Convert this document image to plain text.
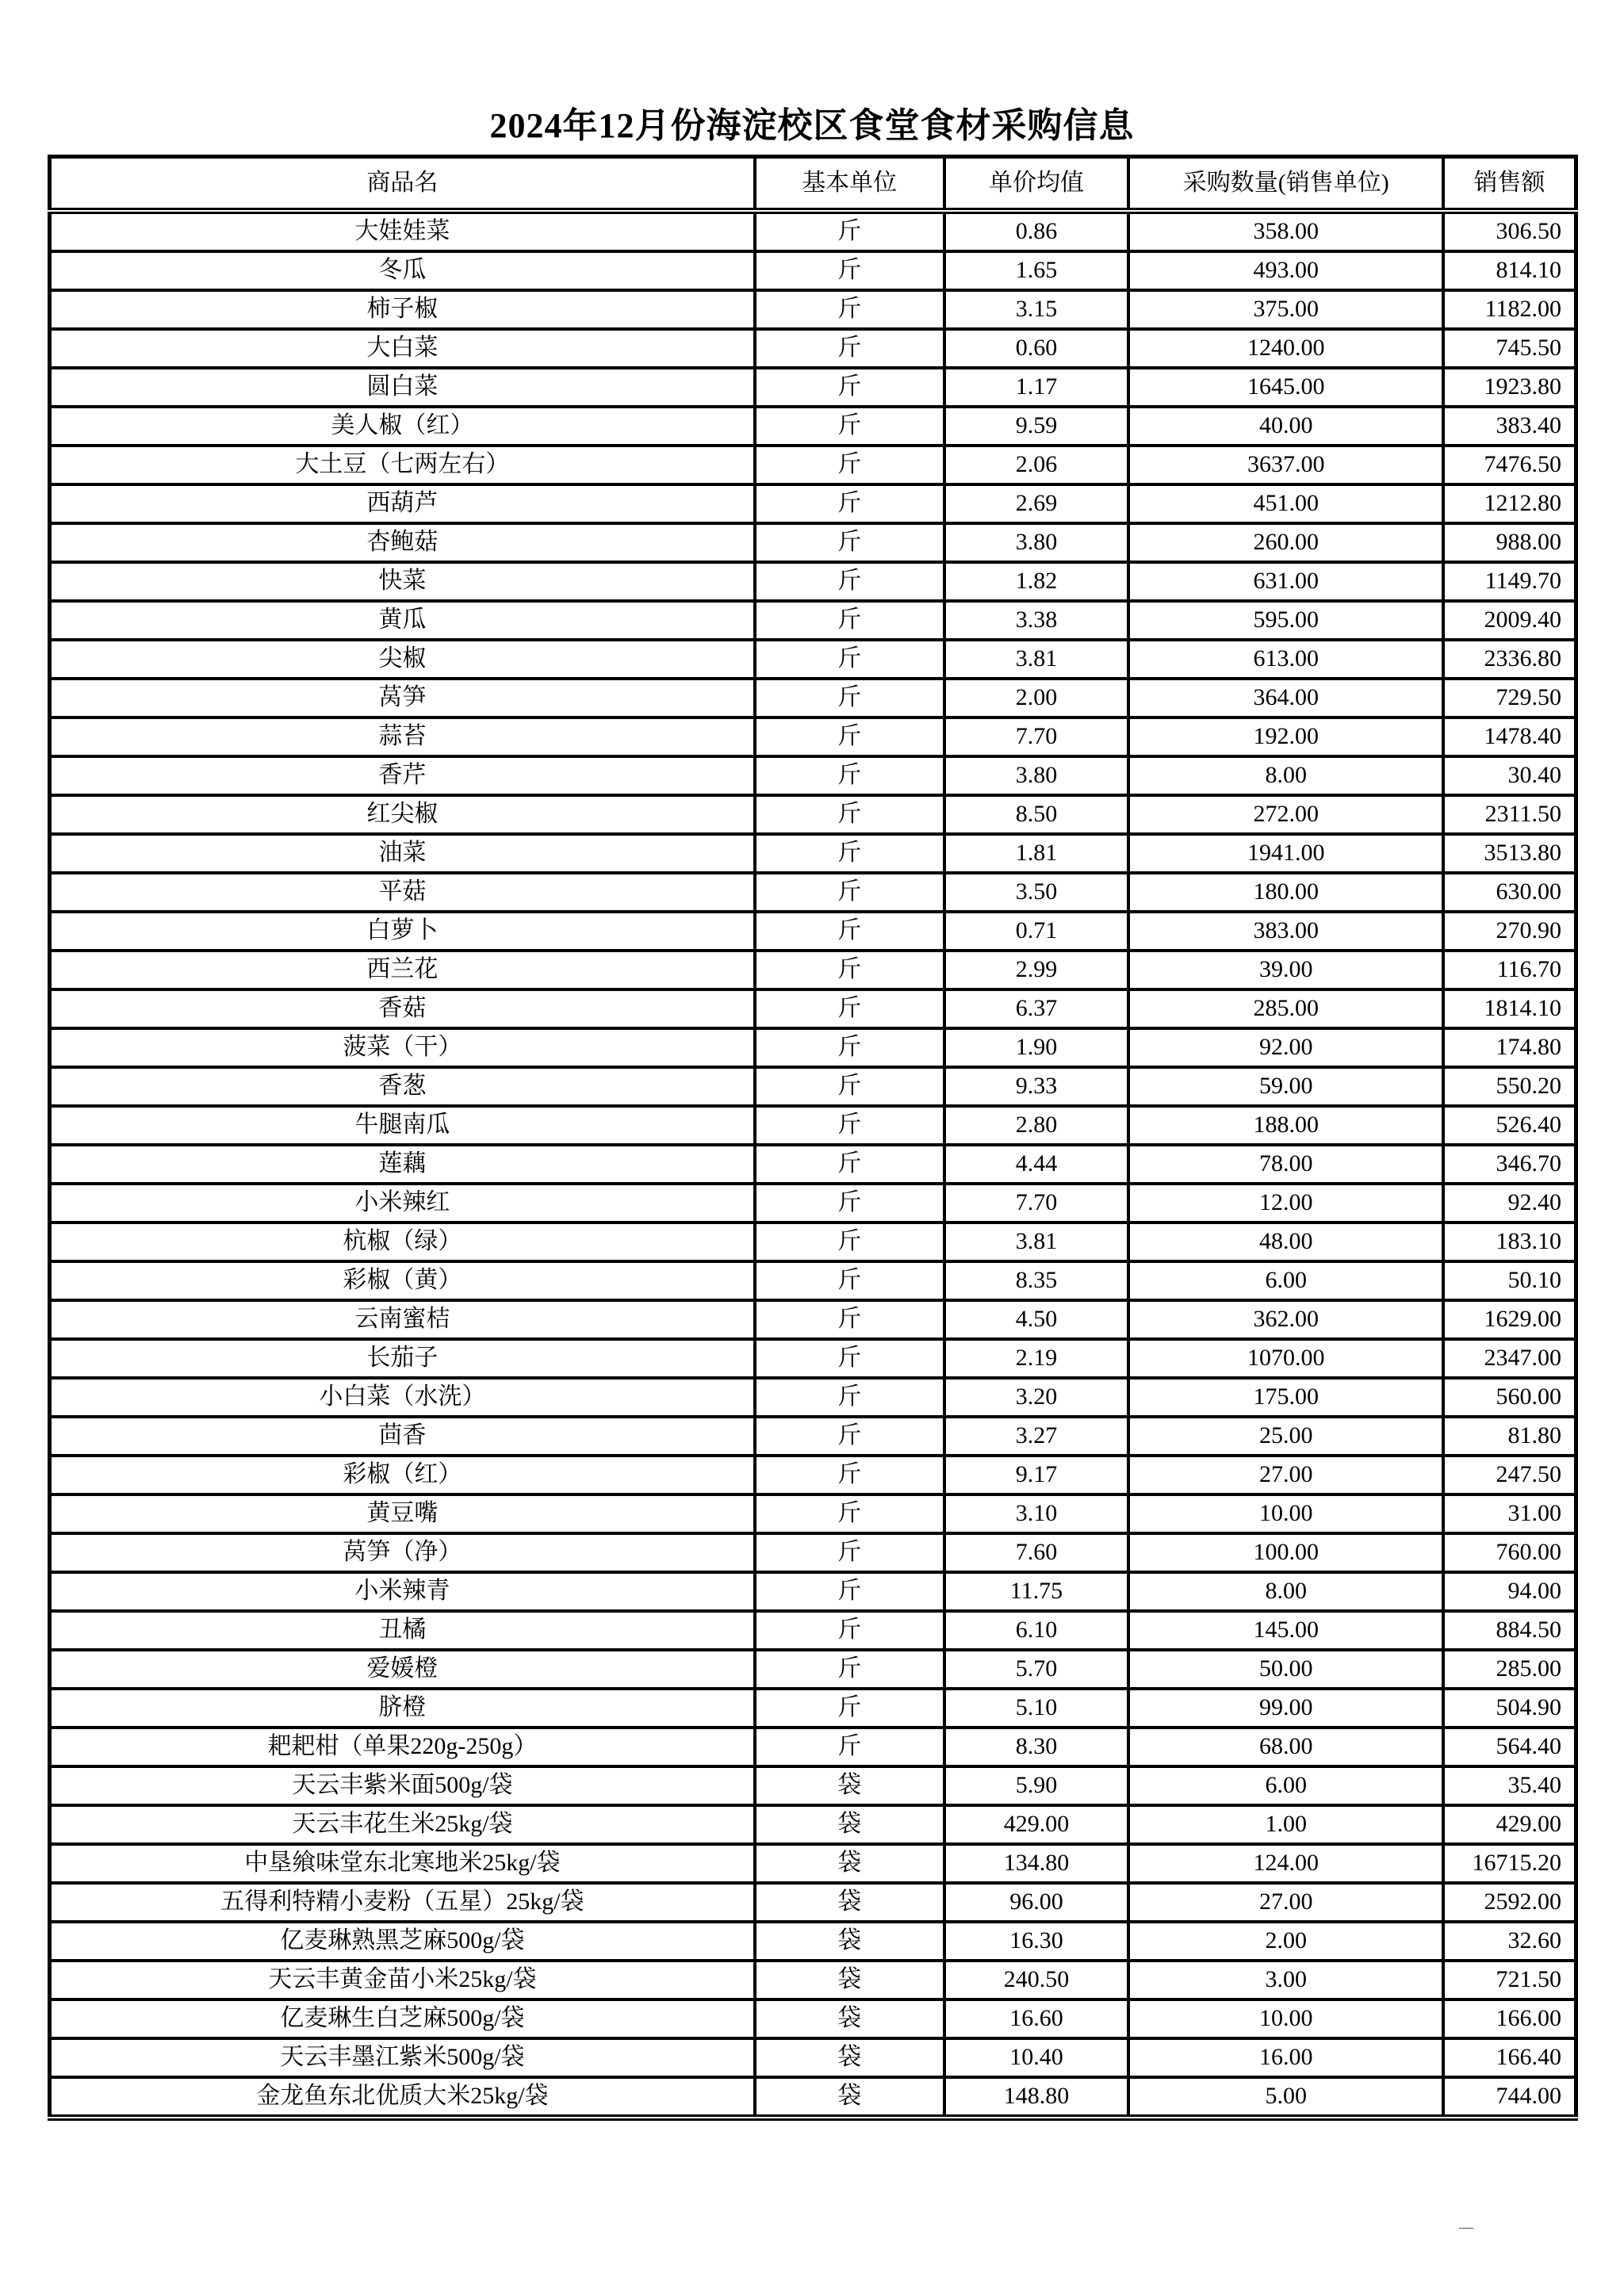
2024年12月份海淀校区食堂食材采购信息
商品名	基本单位	单价均值	采购数量(销售单位)	销售额
大娃娃菜	斤	0.86	358.00	306.50
冬瓜	斤	1.65	493.00	814.10
柿子椒	斤	3.15	375.00	1182.00
大白菜	斤	0.60	1240.00	745.50
圆白菜	斤	1.17	1645.00	1923.80
美人椒（红）	斤	9.59	40.00	383.40
大土豆（七两左右）	斤	2.06	3637.00	7476.50
西葫芦	斤	2.69	451.00	1212.80
杏鲍菇	斤	3.80	260.00	988.00
快菜	斤	1.82	631.00	1149.70
黄瓜	斤	3.38	595.00	2009.40
尖椒	斤	3.81	613.00	2336.80
莴笋	斤	2.00	364.00	729.50
蒜苔	斤	7.70	192.00	1478.40
香芹	斤	3.80	8.00	30.40
红尖椒	斤	8.50	272.00	2311.50
油菜	斤	1.81	1941.00	3513.80
平菇	斤	3.50	180.00	630.00
白萝卜	斤	0.71	383.00	270.90
西兰花	斤	2.99	39.00	116.70
香菇	斤	6.37	285.00	1814.10
菠菜（干）	斤	1.90	92.00	174.80
香葱	斤	9.33	59.00	550.20
牛腿南瓜	斤	2.80	188.00	526.40
莲藕	斤	4.44	78.00	346.70
小米辣红	斤	7.70	12.00	92.40
杭椒（绿）	斤	3.81	48.00	183.10
彩椒（黄）	斤	8.35	6.00	50.10
云南蜜桔	斤	4.50	362.00	1629.00
长茄子	斤	2.19	1070.00	2347.00
小白菜（水洗）	斤	3.20	175.00	560.00
茴香	斤	3.27	25.00	81.80
彩椒（红）	斤	9.17	27.00	247.50
黄豆嘴	斤	3.10	10.00	31.00
莴笋（净）	斤	7.60	100.00	760.00
小米辣青	斤	11.75	8.00	94.00
丑橘	斤	6.10	145.00	884.50
爱媛橙	斤	5.70	50.00	285.00
脐橙	斤	5.10	99.00	504.90
耙耙柑（单果220g-250g）	斤	8.30	68.00	564.40
天云丰紫米面500g/袋	袋	5.90	6.00	35.40
天云丰花生米25kg/袋	袋	429.00	1.00	429.00
中垦飨味堂东北寒地米25kg/袋	袋	134.80	124.00	16715.20
五得利特精小麦粉（五星）25kg/袋	袋	96.00	27.00	2592.00
亿麦琳熟黑芝麻500g/袋	袋	16.30	2.00	32.60
天云丰黄金苗小米25kg/袋	袋	240.50	3.00	721.50
亿麦琳生白芝麻500g/袋	袋	16.60	10.00	166.00
天云丰墨江紫米500g/袋	袋	10.40	16.00	166.40
金龙鱼东北优质大米25kg/袋	袋	148.80	5.00	744.00
—
